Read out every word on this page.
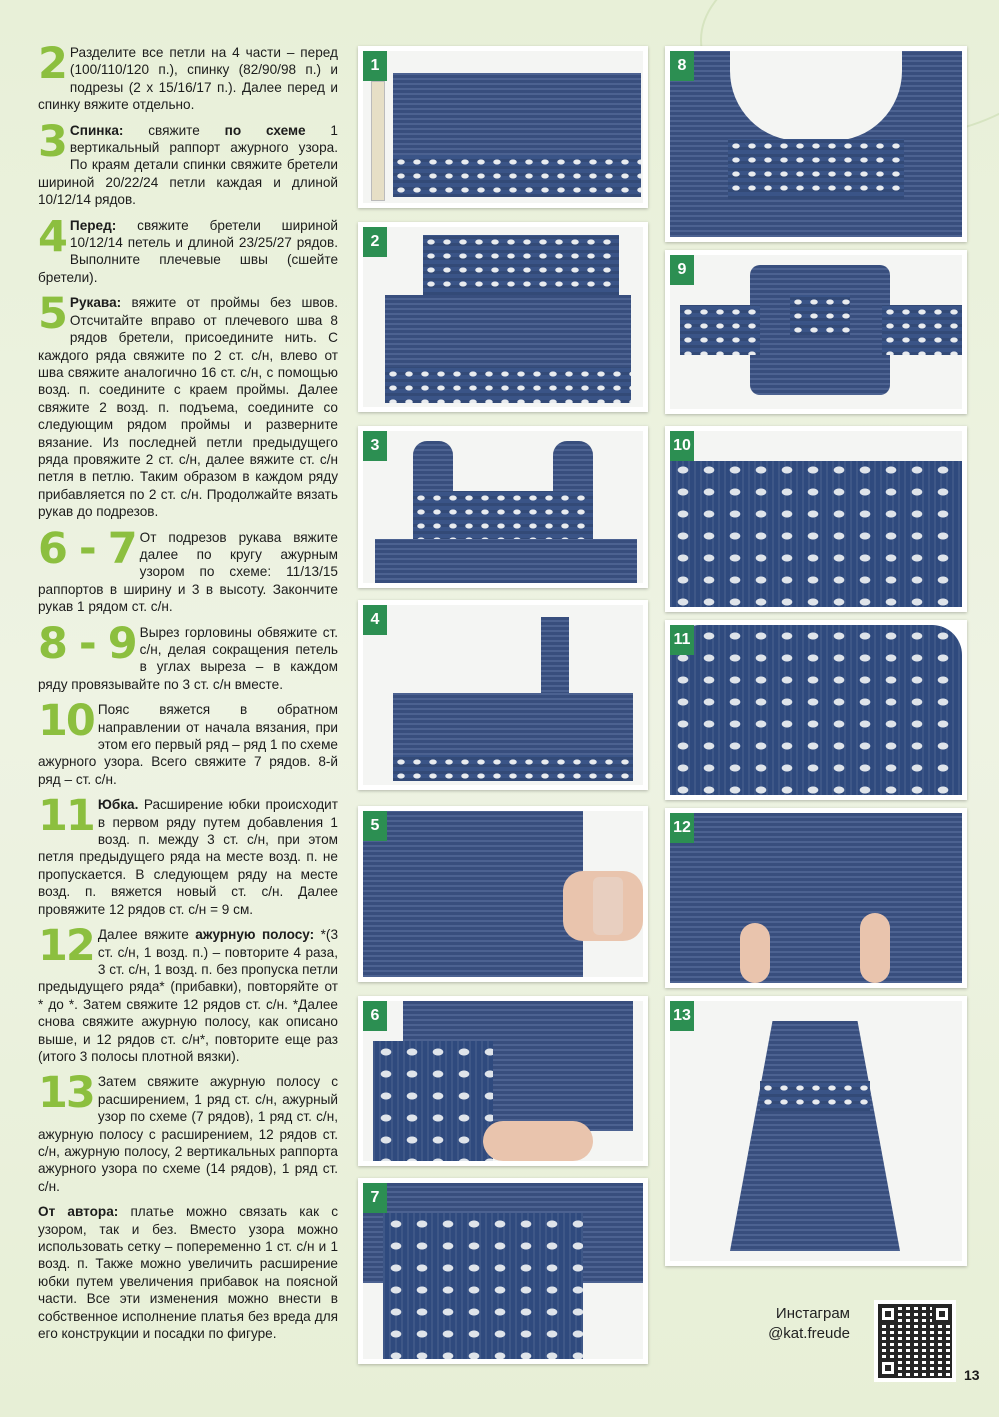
2 Разделите все петли на 4 части – перед (100/110/120 п.), спинку (82/90/98 п.) и подрезы (2 x 15/16/17 п.). Далее перед и спинку вяжите отдельно.
3 Спинка: свяжите по схеме 1 вертикальный раппорт ажурного узора. По краям детали спинки свяжите бретели шириной 20/22/24 петли каждая и длиной 10/12/14 рядов.
4 Перед: свяжите бретели шириной 10/12/14 петель и длиной 23/25/27 рядов. Выполните плечевые швы (сшейте бретели).
5 Рукава: вяжите от проймы без швов. Отсчитайте вправо от плечевого шва 8 рядов бретели, присоедините нить. С каждого ряда свяжите по 2 ст. с/н, влево от шва свяжите аналогично 16 ст. с/н, с помощью возд. п. соедините с краем проймы. Далее свяжите 2 возд. п. подъема, соедините со следующим рядом проймы и разверните вязание. Из последней петли предыдущего ряда провяжите 2 ст. с/н, далее вяжите ст. с/н петля в петлю. Таким образом в каждом ряду прибавляется по 2 ст. с/н. Продолжайте вязать рукав до подрезов.
6 - 7 От подрезов рукава вяжите далее по кругу ажурным узором по схеме: 11/13/15 раппортов в ширину и 3 в высоту. Закончите рукав 1 рядом ст. с/н.
8 - 9 Вырез горловины обвяжите ст. с/н, делая сокращения петель в углах выреза – в каждом ряду провязывайте по 3 ст. с/н вместе.
10 Пояс вяжется в обратном направлении от начала вязания, при этом его первый ряд – ряд 1 по схеме ажурного узора. Всего свяжите 7 рядов. 8-й ряд – ст. с/н.
11 Юбка. Расширение юбки происходит в первом ряду путем добавления 1 возд. п. между 3 ст. с/н, при этом петля предыдущего ряда на месте возд. п. не пропускается. В следующем ряду на месте возд. п. вяжется новый ст. с/н. Далее провяжите 12 рядов ст. с/н = 9 см.
12 Далее вяжите ажурную полосу: *(3 ст. с/н, 1 возд. п.) – повторите 4 раза, 3 ст. с/н, 1 возд. п. без пропуска петли предыдущего ряда* (прибавки), повторяйте от * до *. Затем свяжите 12 рядов ст. с/н. *Далее снова свяжите ажурную полосу, как описано выше, и 12 рядов ст. с/н*, повторите еще раз (итого 3 полосы плотной вязки).
13 Затем свяжите ажурную полосу с расширением, 1 ряд ст. с/н, ажурный узор по схеме (7 рядов), 1 ряд ст. с/н, ажурную полосу с расширением, 12 рядов ст. с/н, ажурную полосу, 2 вертикальных раппорта ажурного узора по схеме (14 рядов), 1 ряд ст. с/н.
От автора: платье можно связать как с узором, так и без. Вместо узора можно использовать сетку – попеременно 1 ст. с/н и 1 возд. п. Также можно увеличить расширение юбки путем увеличения прибавок на поясной части. Все эти изменения можно внести в собственное исполнение платья без вреда для его конструкции и посадки по фигуре.
1
2
3
4
5
6
7
8
9
10
11
12
13
Инстаграм
@kat.freude
13
